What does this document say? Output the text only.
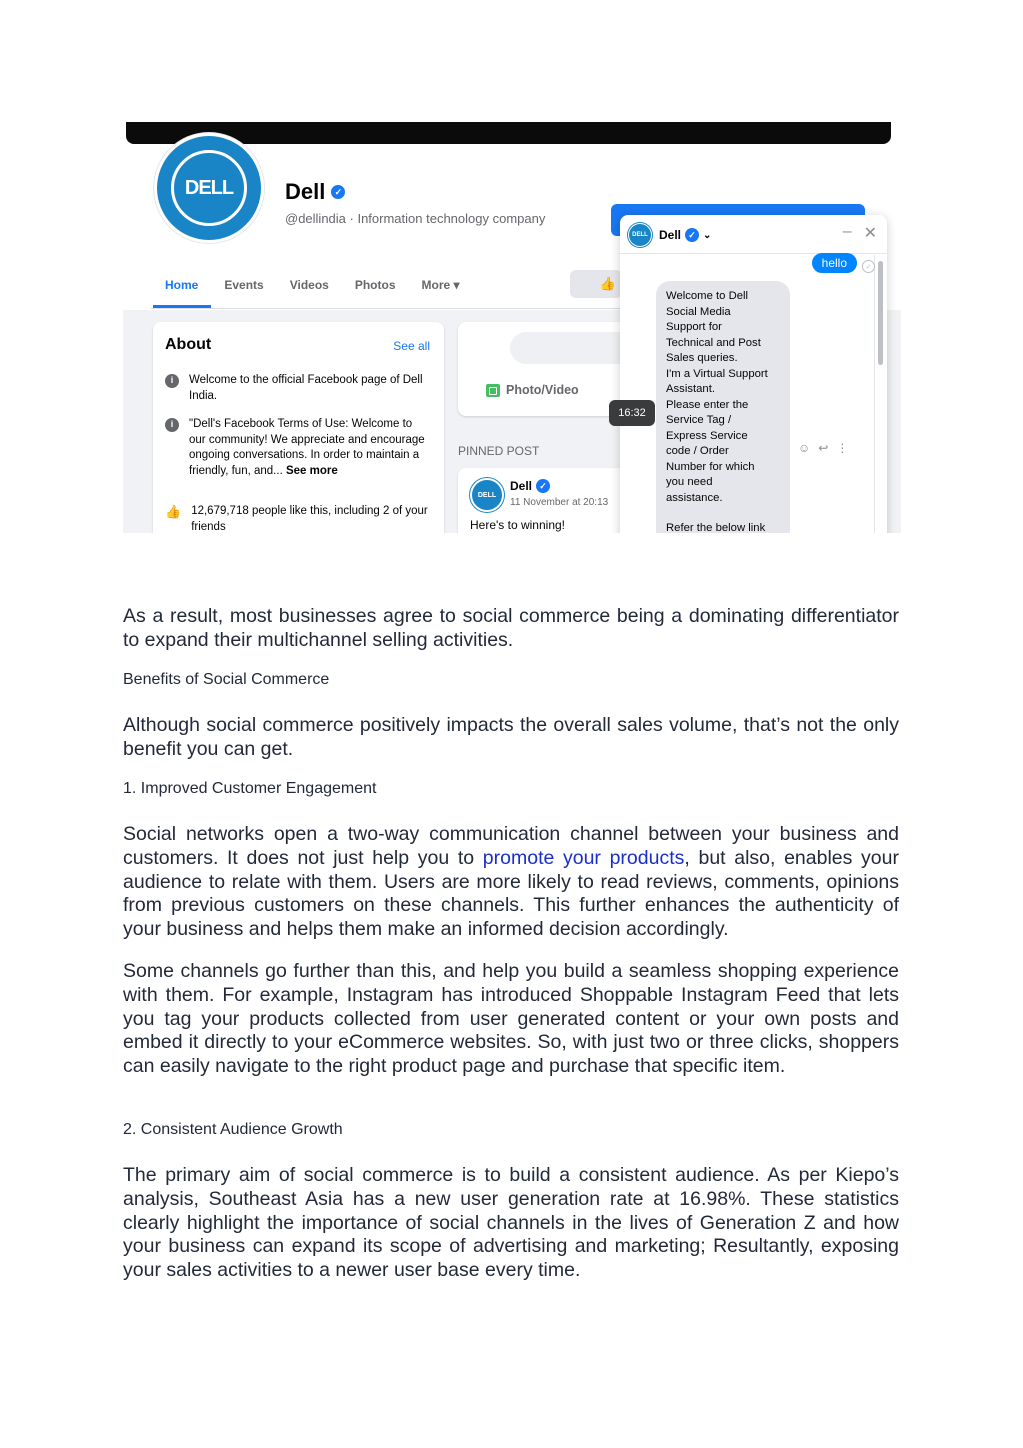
DELL Dell	✓
@dellindia · Information technology company
Home Events Videos Photos More ▾	👍
About	See all
i	Welcome to the official Facebook page of Dell India.
i	"Dell's Facebook Terms of Use: Welcome to our community! We appreciate and encourage ongoing conversations. In order to maintain a friendly, fun, and... See more
👍 12,679,718 people like this, including 2 of your friends
Photo/Video
PINNED POST
DELL
Dell ✓
11 November at 20:13
Here's to winning!
DELL Dell ✓ ⌄	– ✕
hello	✓

Welcome to Dell

Social Media

Support for

Technical and Post

Sales queries.

I'm a Virtual Support

Assistant.

Please enter the

Service Tag /

Express Service

code / Order

Number for which

you need

assistance.

Refer the below link

☺ ↩ ⋮
16:32

As a result, most businesses agree to social commerce being a dominating differentiator to expand their multichannel selling activities.

Benefits of Social Commerce

Although social commerce positively impacts the overall sales volume, that’s not the only benefit you can get.

1. Improved Customer Engagement

Social networks open a two-way communication channel between your business and customers. It does not just help you to promote your products, but also, enables your audience to relate with them. Users are more likely to read reviews, comments, opinions from previous customers on these channels. This further enhances the authenticity of your business and helps them make an informed decision accordingly.

Some channels go further than this, and help you build a seamless shopping experience with them. For example, Instagram has introduced Shoppable Instagram Feed that lets you tag your products collected from user generated content or your own posts and embed it directly to your eCommerce websites. So, with just two or three clicks, shoppers can easily navigate to the right product page and purchase that specific item.

2. Consistent Audience Growth

The primary aim of social commerce is to build a consistent audience. As per Kiepo’s analysis, Southeast Asia has a new user generation rate at 16.98%. These statistics clearly highlight the importance of social channels in the lives of Generation Z and how your business can expand its scope of advertising and marketing; Resultantly, exposing your sales activities to a newer user base every time.
